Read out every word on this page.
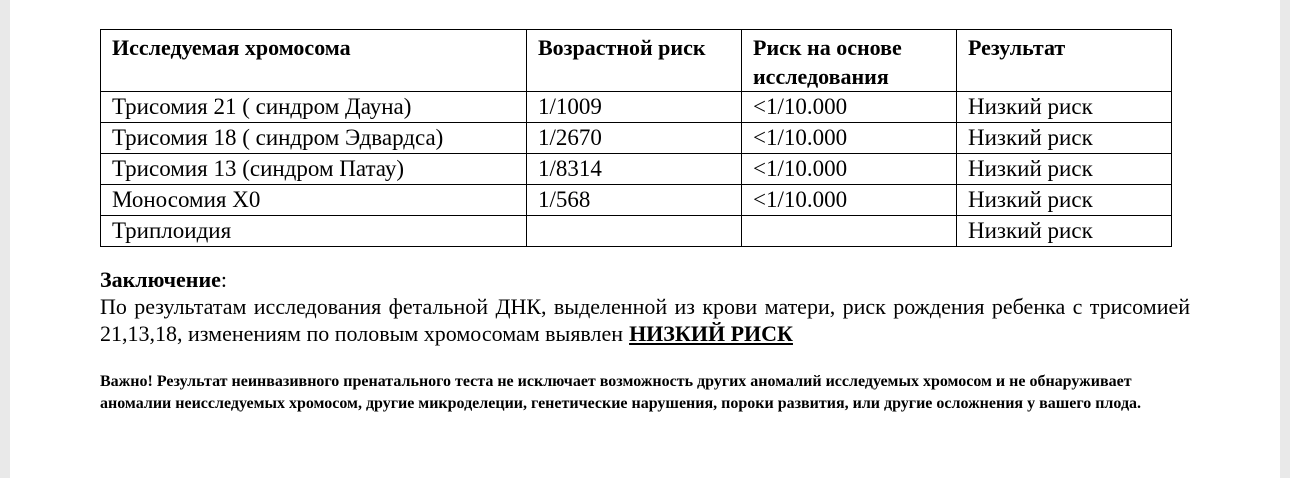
Исследуемая хромосома	Возрастной риск	Риск на основе исследования	Результат
Трисомия 21 ( синдром Дауна)	1/1009	<1/10.000	Низкий риск
Трисомия 18 ( синдром Эдвардса)	1/2670	<1/10.000	Низкий риск
Трисомия 13 (синдром Патау)	1/8314	<1/10.000	Низкий риск
Моносомия Х0	1/568	<1/10.000	Низкий риск
Триплоидия			Низкий риск
Заключение:
По результатам исследования фетальной ДНК, выделенной из крови матери, риск рождения ребенка с трисомией 21,13,18, изменениям по половым хромосомам выявлен НИЗКИЙ РИСК
Важно! Результат неинвазивного пренатального теста не исключает возможность других аномалий исследуемых хромосом и не обнаруживает аномалии неисследуемых хромосом, другие микроделеции, генетические нарушения, пороки развития, или другие осложнения у вашего плода.
